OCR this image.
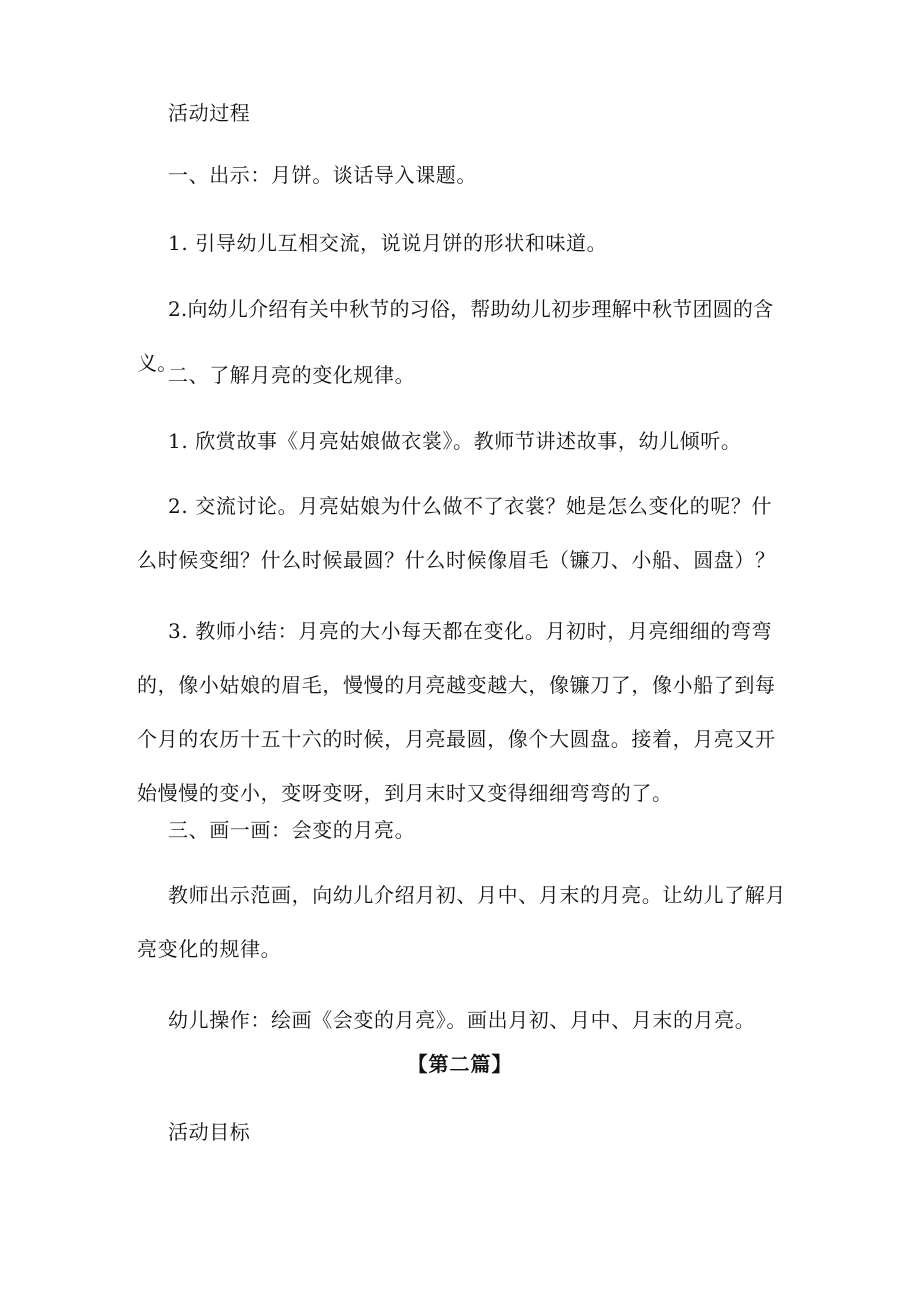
活动过程
一、出示：月饼。谈话导入课题。
1. 引导幼儿互相交流，说说月饼的形状和味道。
2.向幼儿介绍有关中秋节的习俗，帮助幼儿初步理解中秋节团圆的含义。
二、了解月亮的变化规律。
1. 欣赏故事《月亮姑娘做衣裳》。教师节讲述故事，幼儿倾听。
2. 交流讨论。月亮姑娘为什么做不了衣裳？她是怎么变化的呢？什么时候变细？什么时候最圆？什么时候像眉毛（镰刀、小船、圆盘）？
3. 教师小结：月亮的大小每天都在变化。月初时，月亮细细的弯弯的，像小姑娘的眉毛，慢慢的月亮越变越大，像镰刀了，像小船了到每个月的农历十五十六的时候，月亮最圆，像个大圆盘。接着，月亮又开始慢慢的变小，变呀变呀，到月末时又变得细细弯弯的了。
三、画一画：会变的月亮。
教师出示范画，向幼儿介绍月初、月中、月末的月亮。让幼儿了解月亮变化的规律。
幼儿操作：绘画《会变的月亮》。画出月初、月中、月末的月亮。
【第二篇】
活动目标
